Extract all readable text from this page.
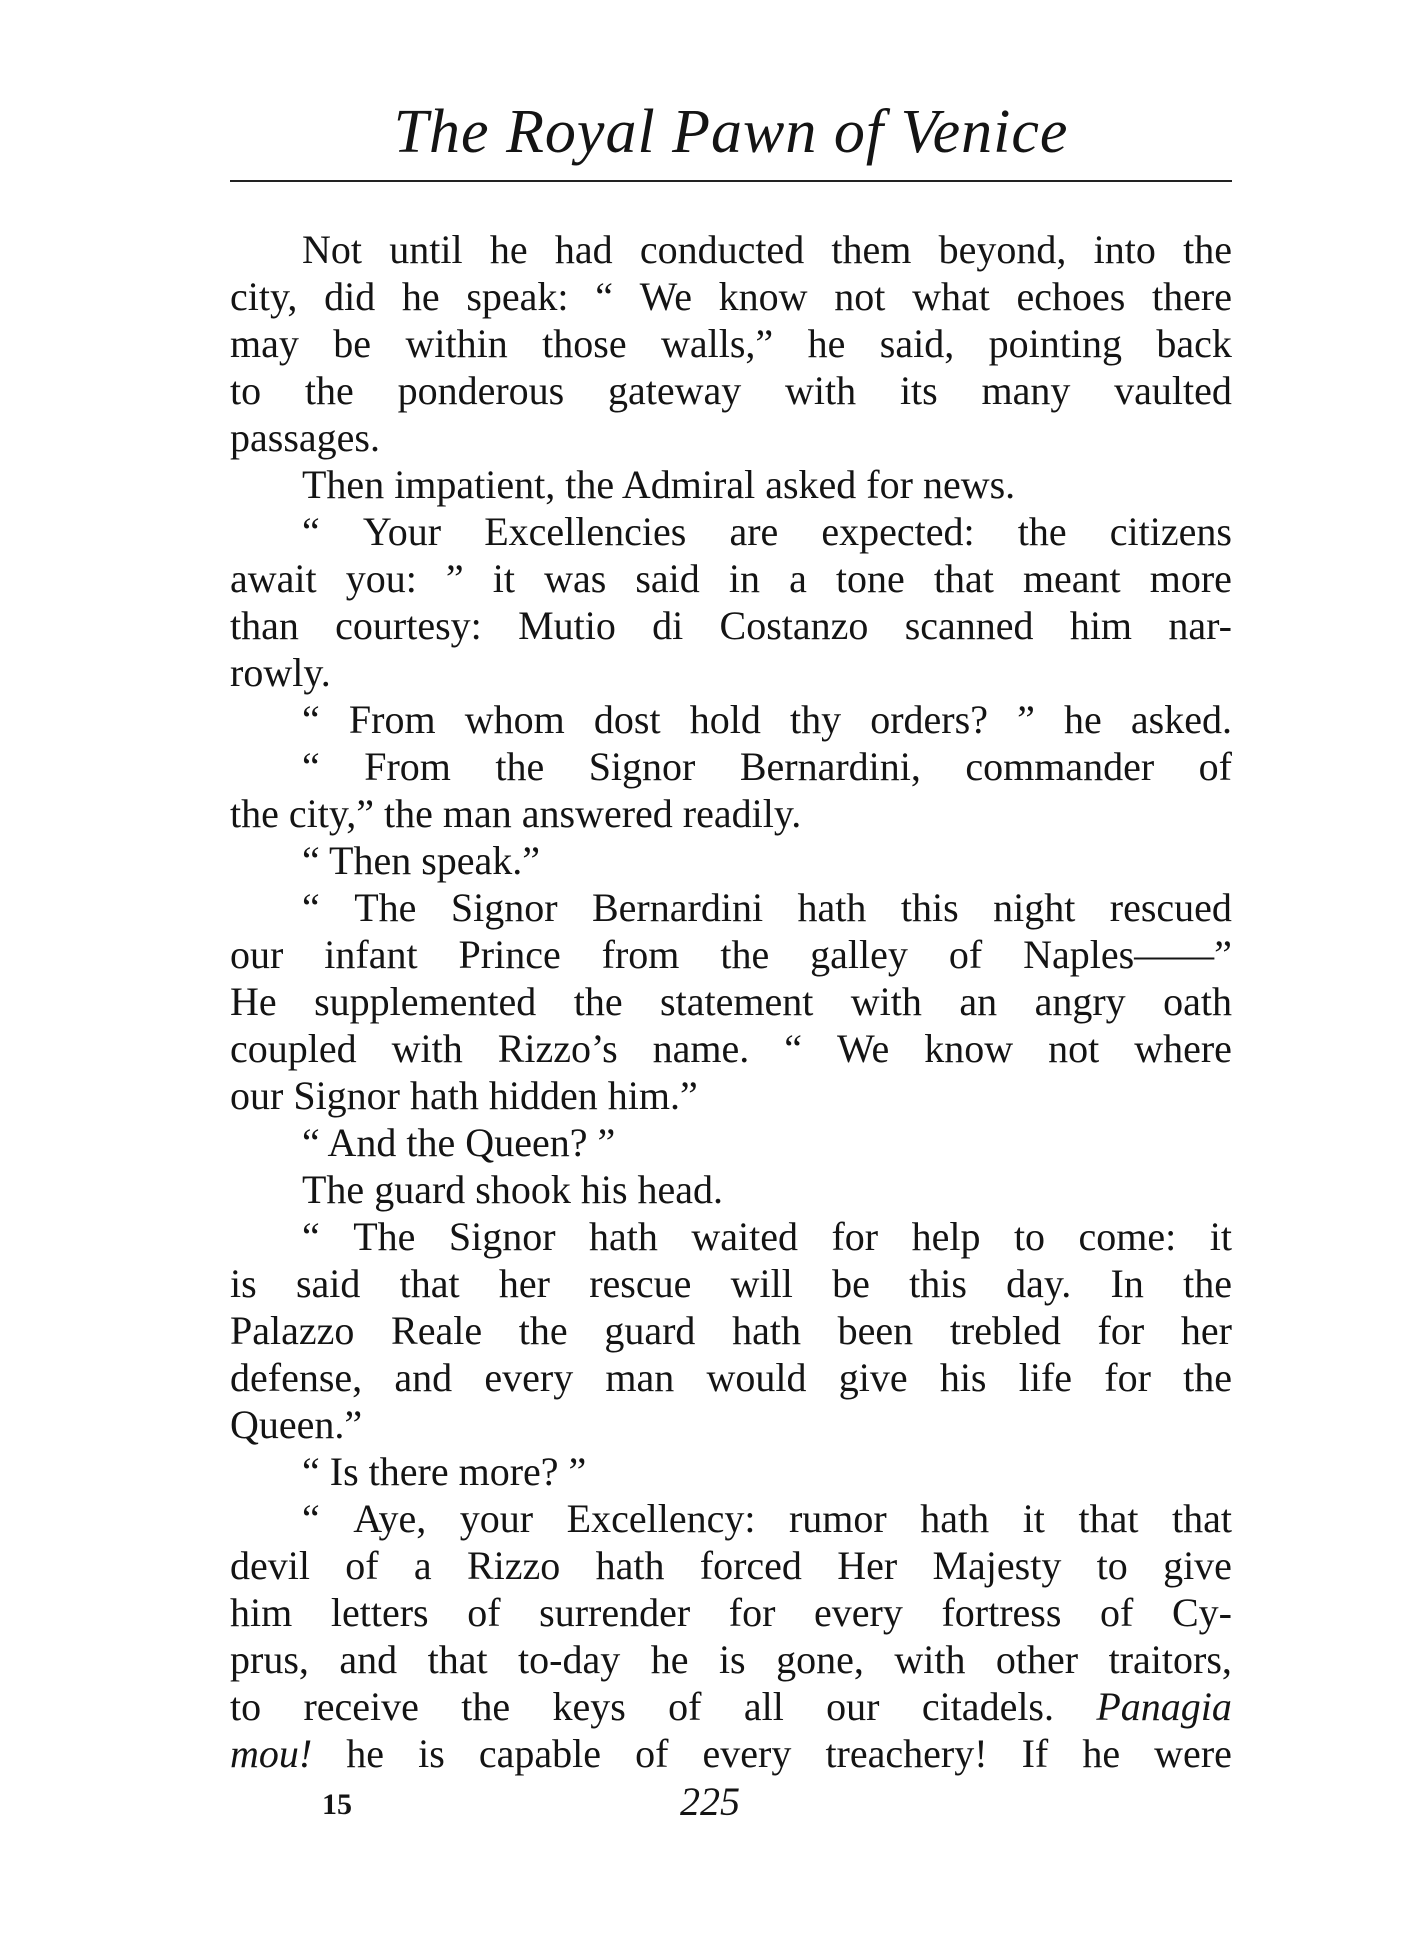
The Royal Pawn of Venice
Not until he had conducted them beyond, into the
city, did he speak: “ We know not what echoes there
may be within those walls,” he said, pointing back
to the ponderous gateway with its many vaulted
passages.
Then impatient, the Admiral asked for news.
“ Your Excellencies are expected: the citizens
await you: ” it was said in a tone that meant more
than courtesy: Mutio di Costanzo scanned him nar-
rowly.
“ From whom dost hold thy orders? ” he asked.
“ From the Signor Bernardini, commander of
the city,” the man answered readily.
“ Then speak.”
“ The Signor Bernardini hath this night rescued
our infant Prince from the galley of Naples——”
He supplemented the statement with an angry oath
coupled with Rizzo’s name. “ We know not where
our Signor hath hidden him.”
“ And the Queen? ”
The guard shook his head.
“ The Signor hath waited for help to come: it
is said that her rescue will be this day. In the
Palazzo Reale the guard hath been trebled for her
defense, and every man would give his life for the
Queen.”
“ Is there more? ”
“ Aye, your Excellency: rumor hath it that that
devil of a Rizzo hath forced Her Majesty to give
him letters of surrender for every fortress of Cy-
prus, and that to-day he is gone, with other traitors,
to receive the keys of all our citadels. Panagia
mou! he is capable of every treachery! If he were
15	225
